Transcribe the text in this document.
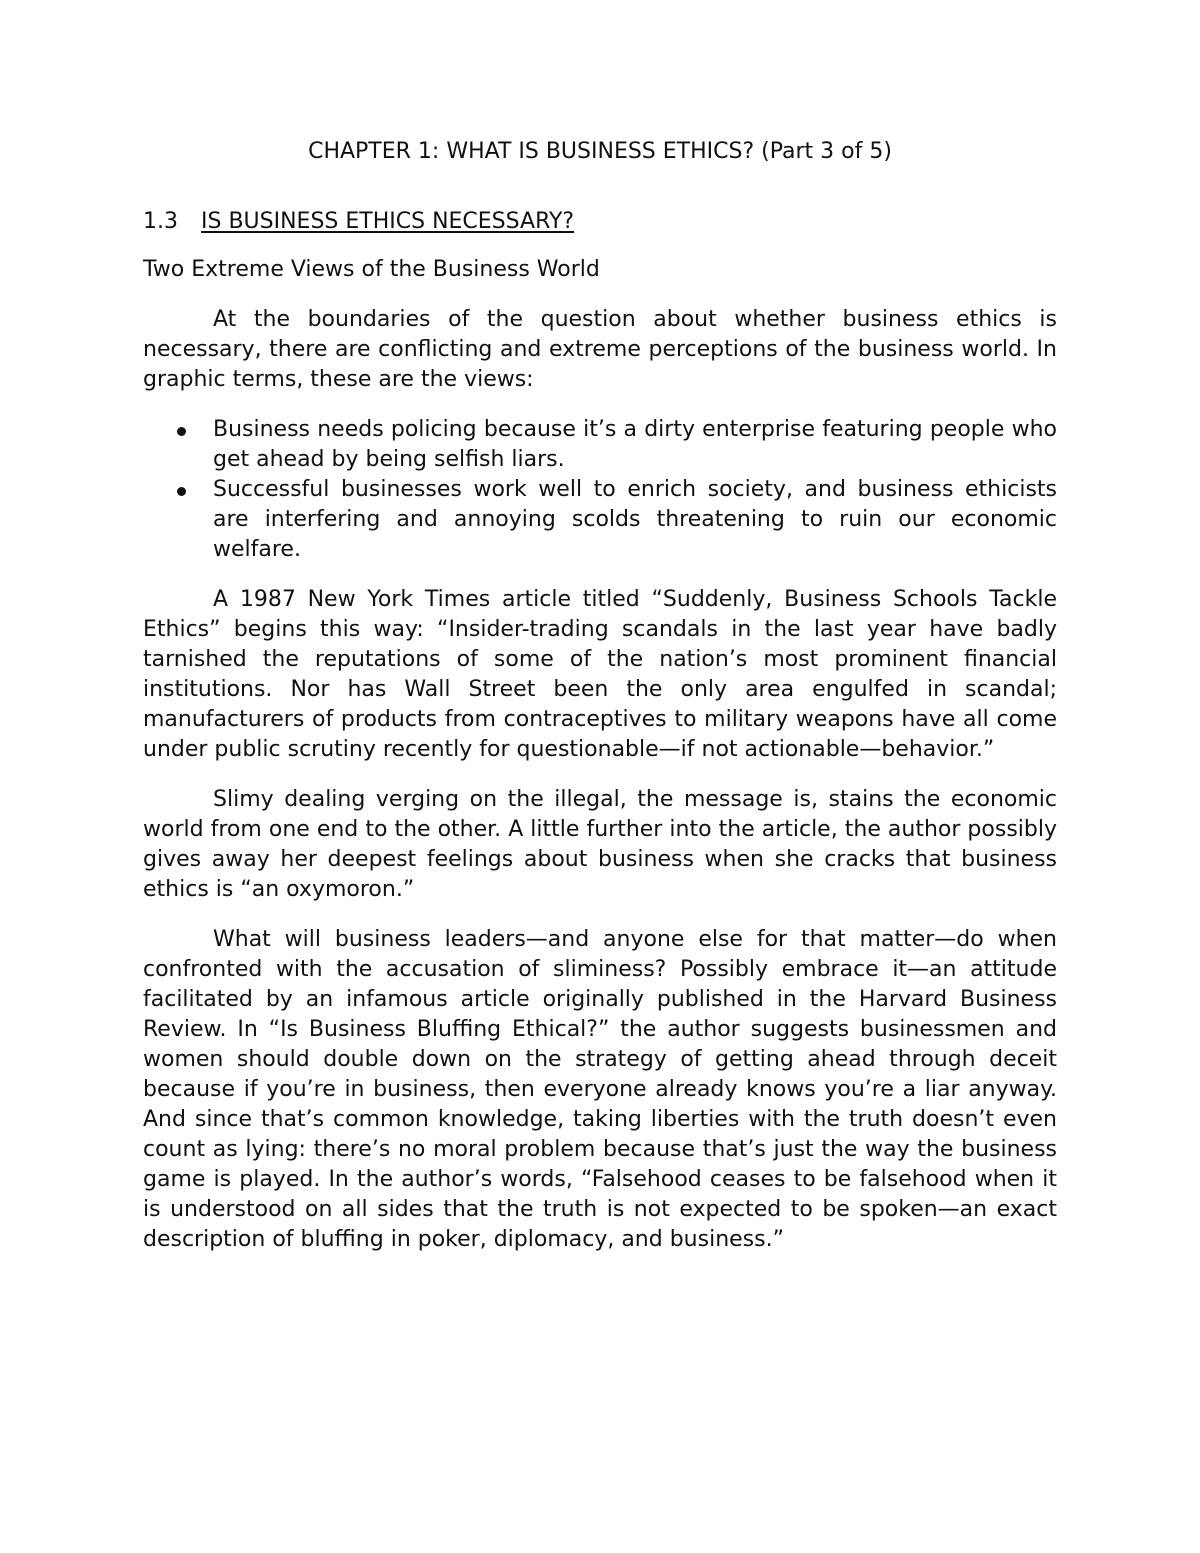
CHAPTER 1: WHAT IS BUSINESS ETHICS? (Part 3 of 5)
1.3 IS BUSINESS ETHICS NECESSARY?
Two Extreme Views of the Business World

At the boundaries of the question about whether business ethics is necessary, there are conflicting and extreme perceptions of the business world. In graphic terms, these are the views:

Business needs policing because it’s a dirty enterprise featuring people who get ahead by being selfish liars.
Successful businesses work well to enrich society, and business ethicists are interfering and annoying scolds threatening to ruin our economic welfare.

A 1987 New York Times article titled “Suddenly, Business Schools Tackle Ethics” begins this way: “Insider-trading scandals in the last year have badly tarnished the reputations of some of the nation’s most prominent financial institutions. Nor has Wall Street been the only area engulfed in scandal; manufacturers of products from contraceptives to military weapons have all come under public scrutiny recently for questionable—if not actionable—behavior.”

Slimy dealing verging on the illegal, the message is, stains the economic world from one end to the other. A little further into the article, the author possibly gives away her deepest feelings about business when she cracks that business ethics is “an oxymoron.”

What will business leaders—and anyone else for that matter—do when confronted with the accusation of sliminess? Possibly embrace it—an attitude facilitated by an infamous article originally published in the Harvard Business Review. In “Is Business Bluffing Ethical?” the author suggests businessmen and women should double down on the strategy of getting ahead through deceit because if you’re in business, then everyone already knows you’re a liar anyway. And since that’s common knowledge, taking liberties with the truth doesn’t even count as lying: there’s no moral problem because that’s just the way the business game is played. In the author’s words, “Falsehood ceases to be falsehood when it is understood on all sides that the truth is not expected to be spoken—an exact description of bluffing in poker, diplomacy, and business.”
